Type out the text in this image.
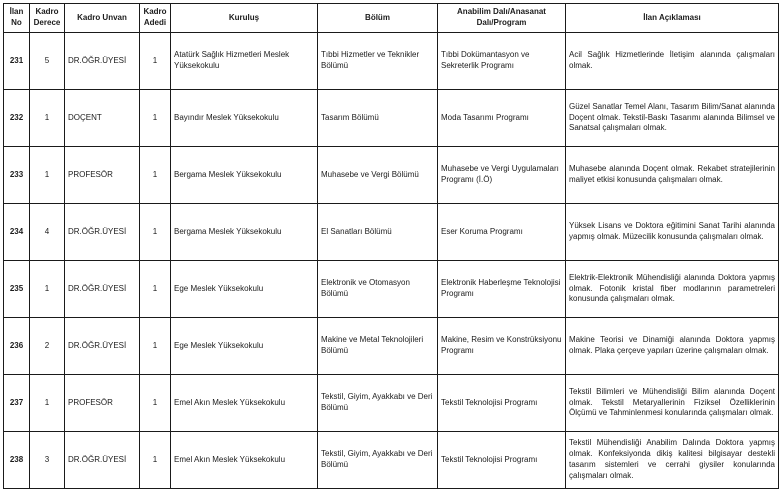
İlan No	Kadro Derece	Kadro Unvan	Kadro Adedi	Kuruluş	Bölüm	Anabilim Dalı/Anasanat Dalı/Program	İlan Açıklaması
231	5	DR.ÖĞR.ÜYESİ	1	Atatürk Sağlık Hizmetleri Meslek Yüksekokulu	Tıbbi Hizmetler ve Teknikler Bölümü	Tıbbi Dokümantasyon ve Sekreterlik Programı	Acil Sağlık Hizmetlerinde İletişim alanında çalışmaları olmak.
232	1	DOÇENT	1	Bayındır Meslek Yüksekokulu	Tasarım Bölümü	Moda Tasarımı Programı	Güzel Sanatlar Temel Alanı, Tasarım Bilim/Sanat alanında Doçent olmak. Tekstil-Baskı Tasarımı alanında Bilimsel ve Sanatsal çalışmaları olmak.
233	1	PROFESÖR	1	Bergama Meslek Yüksekokulu	Muhasebe ve Vergi Bölümü	Muhasebe ve Vergi Uygulamaları Programı (İ.Ö)	Muhasebe alanında Doçent olmak. Rekabet stratejilerinin maliyet etkisi konusunda çalışmaları olmak.
234	4	DR.ÖĞR.ÜYESİ	1	Bergama Meslek Yüksekokulu	El Sanatları Bölümü	Eser Koruma Programı	Yüksek Lisans ve Doktora eğitimini Sanat Tarihi alanında yapmış olmak. Müzecilik konusunda çalışmaları olmak.
235	1	DR.ÖĞR.ÜYESİ	1	Ege Meslek Yüksekokulu	Elektronik ve Otomasyon Bölümü	Elektronik Haberleşme Teknolojisi Programı	Elektrik-Elektronik Mühendisliği alanında Doktora yapmış olmak. Fotonik kristal fiber modlarının parametreleri konusunda çalışmaları olmak.
236	2	DR.ÖĞR.ÜYESİ	1	Ege Meslek Yüksekokulu	Makine ve Metal Teknolojileri Bölümü	Makine, Resim ve Konstrüksiyonu Programı	Makine Teorisi ve Dinamiği alanında Doktora yapmış olmak. Plaka çerçeve yapıları üzerine çalışmaları olmak.
237	1	PROFESÖR	1	Emel Akın Meslek Yüksekokulu	Tekstil, Giyim, Ayakkabı ve Deri Bölümü	Tekstil Teknolojisi Programı	Tekstil Bilimleri ve Mühendisliği Bilim alanında Doçent olmak. Tekstil Metaryallerinin Fiziksel Özelliklerinin Ölçümü ve Tahminlenmesi konularında çalışmaları olmak.
238	3	DR.ÖĞR.ÜYESİ	1	Emel Akın Meslek Yüksekokulu	Tekstil, Giyim, Ayakkabı ve Deri Bölümü	Tekstil Teknolojisi Programı	Tekstil Mühendisliği Anabilim Dalında Doktora yapmış olmak. Konfeksiyonda dikiş kalitesi bilgisayar destekli tasarım sistemleri ve cerrahi giysiler konularında çalışmaları olmak.
